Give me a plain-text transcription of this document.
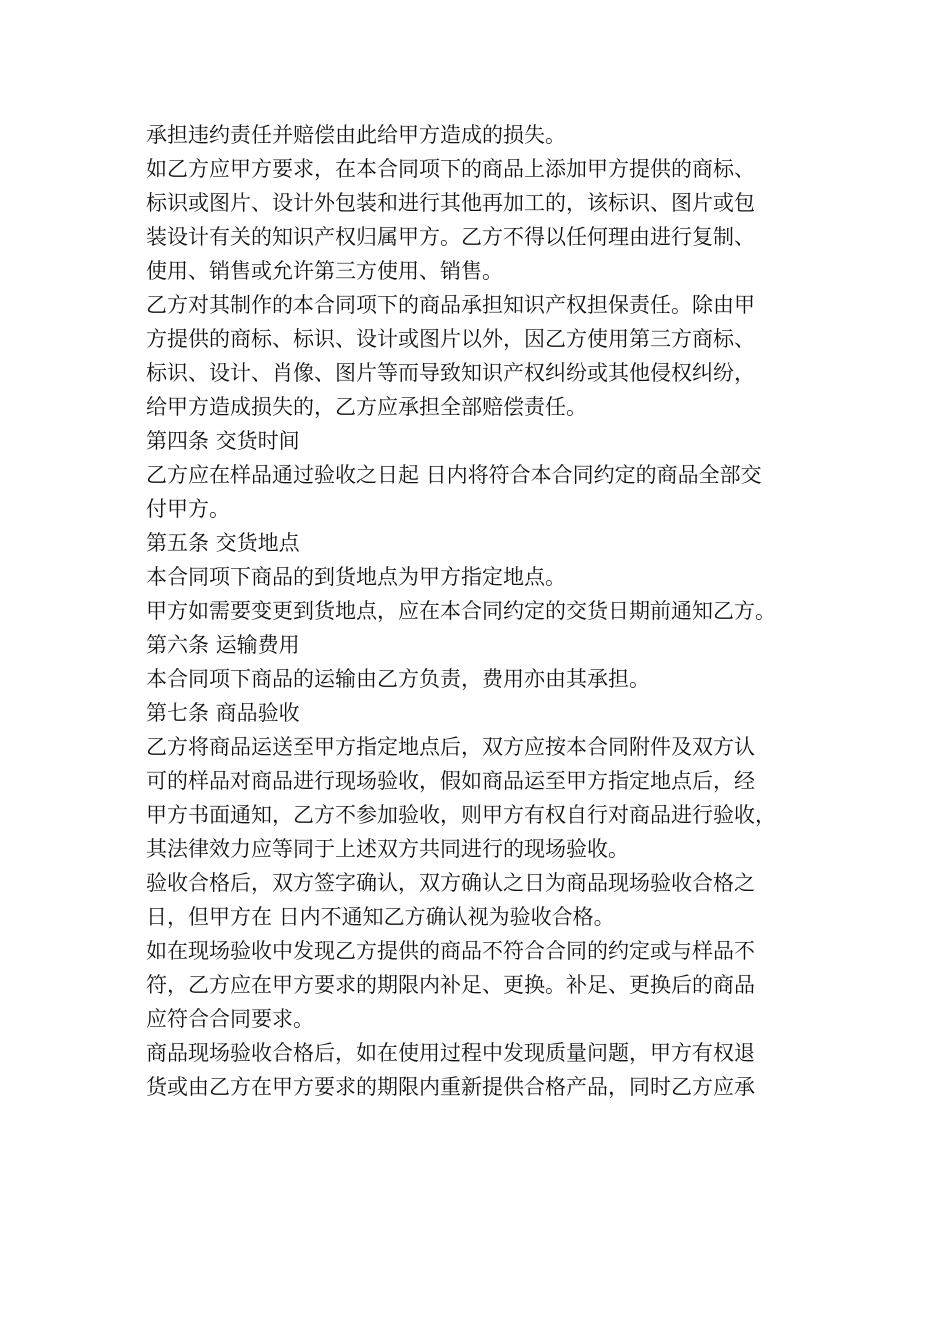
承担违约责任并赔偿由此给甲方造成的损失。
如乙方应甲方要求，在本合同项下的商品上添加甲方提供的商标、
标识或图片、设计外包装和进行其他再加工的，该标识、图片或包
装设计有关的知识产权归属甲方。乙方不得以任何理由进行复制、
使用、销售或允许第三方使用、销售。
乙方对其制作的本合同项下的商品承担知识产权担保责任。除由甲
方提供的商标、标识、设计或图片以外，因乙方使用第三方商标、
标识、设计、肖像、图片等而导致知识产权纠纷或其他侵权纠纷，
给甲方造成损失的，乙方应承担全部赔偿责任。
第四条 交货时间
乙方应在样品通过验收之日起 日内将符合本合同约定的商品全部交
付甲方。
第五条 交货地点
本合同项下商品的到货地点为甲方指定地点。
甲方如需要变更到货地点，应在本合同约定的交货日期前通知乙方。
第六条 运输费用
本合同项下商品的运输由乙方负责，费用亦由其承担。
第七条 商品验收
乙方将商品运送至甲方指定地点后，双方应按本合同附件及双方认
可的样品对商品进行现场验收，假如商品运至甲方指定地点后，经
甲方书面通知，乙方不参加验收，则甲方有权自行对商品进行验收，
其法律效力应等同于上述双方共同进行的现场验收。
验收合格后，双方签字确认，双方确认之日为商品现场验收合格之
日，但甲方在 日内不通知乙方确认视为验收合格。
如在现场验收中发现乙方提供的商品不符合合同的约定或与样品不
符，乙方应在甲方要求的期限内补足、更换。补足、更换后的商品
应符合合同要求。
商品现场验收合格后，如在使用过程中发现质量问题，甲方有权退
货或由乙方在甲方要求的期限内重新提供合格产品，同时乙方应承
